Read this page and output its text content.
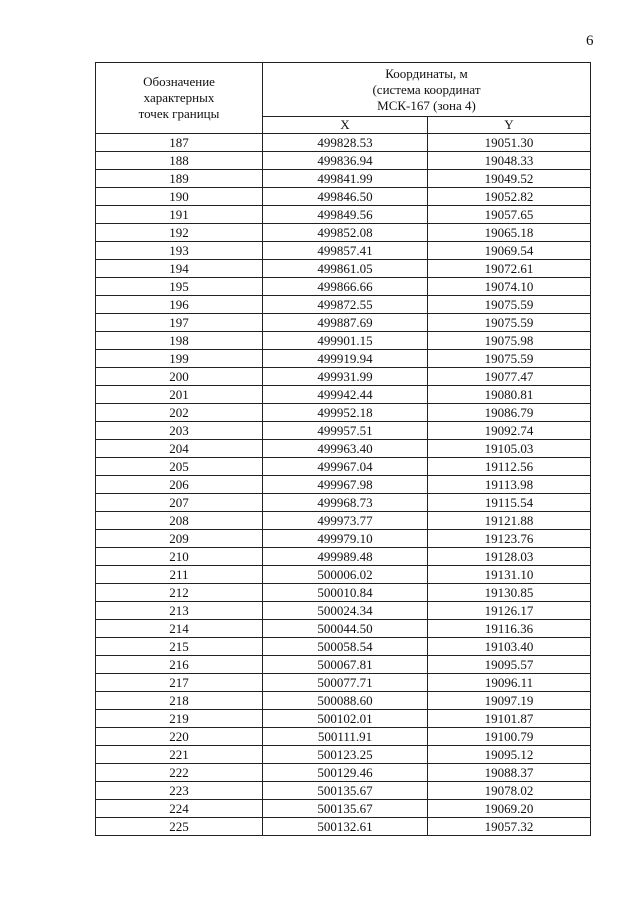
6
Обозначение
характерных
точек границы	Координаты, м
(система координат
МСК-167 (зона 4)	
	X	Y
187	499828.53	19051.30
188	499836.94	19048.33
189	499841.99	19049.52
190	499846.50	19052.82
191	499849.56	19057.65
192	499852.08	19065.18
193	499857.41	19069.54
194	499861.05	19072.61
195	499866.66	19074.10
196	499872.55	19075.59
197	499887.69	19075.59
198	499901.15	19075.98
199	499919.94	19075.59
200	499931.99	19077.47
201	499942.44	19080.81
202	499952.18	19086.79
203	499957.51	19092.74
204	499963.40	19105.03
205	499967.04	19112.56
206	499967.98	19113.98
207	499968.73	19115.54
208	499973.77	19121.88
209	499979.10	19123.76
210	499989.48	19128.03
211	500006.02	19131.10
212	500010.84	19130.85
213	500024.34	19126.17
214	500044.50	19116.36
215	500058.54	19103.40
216	500067.81	19095.57
217	500077.71	19096.11
218	500088.60	19097.19
219	500102.01	19101.87
220	500111.91	19100.79
221	500123.25	19095.12
222	500129.46	19088.37
223	500135.67	19078.02
224	500135.67	19069.20
225	500132.61	19057.32
